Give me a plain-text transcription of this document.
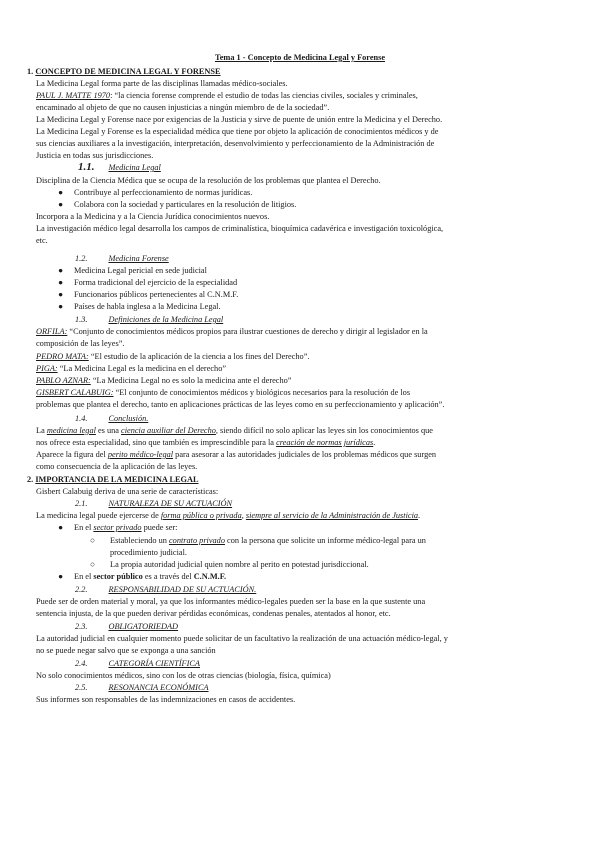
Tema 1 - Concepto de Medicina Legal y Forense
1. CONCEPTO DE MEDICINA LEGAL Y FORENSE
La Medicina Legal forma parte de las disciplinas llamadas médico-sociales.
PAUL J. MATTE 1970: “la ciencia forense comprende el estudio de todas las ciencias civiles, sociales y criminales,
encaminado al objeto de que no causen injusticias a ningún miembro de de la sociedad”.
La Medicina Legal y Forense nace por exigencias de la Justicia y sirve de puente de unión entre la Medicina y el Derecho.
La Medicina Legal y Forense es la especialidad médica que tiene por objeto la aplicación de conocimientos médicos y de
sus ciencias auxiliares a la investigación, interpretación, desenvolvimiento y perfeccionamiento de la Administración de
Justicia en todas sus jurisdicciones.
1.1. Medicina Legal
Disciplina de la Ciencia Médica que se ocupa de la resolución de los problemas que plantea el Derecho.
● Contribuye al perfeccionamiento de normas jurídicas.
● Colabora con la sociedad y particulares en la resolución de litigios.
Incorpora a la Medicina y a la Ciencia Jurídica conocimientos nuevos.
La investigación médico legal desarrolla los campos de criminalística, bioquímica cadavérica e investigación toxicológica,
etc.
1.2.	Medicina Forense
● Medicina Legal pericial en sede judicial
● Forma tradicional del ejercicio de la especialidad
● Funcionarios públicos pertenecientes al C.N.M.F.
● Países de habla inglesa a la Medicina Legal.
1.3.	Definiciones de la Medicina Legal
ORFILA: “Conjunto de conocimientos médicos propios para ilustrar cuestiones de derecho y dirigir al legislador en la
composición de las leyes”.
PEDRO MATA: “El estudio de la aplicación de la ciencia a los fines del Derecho”.
PIGA: “La Medicina Legal es la medicina en el derecho”
PABLO AZNAR: “La Medicina Legal no es solo la medicina ante el derecho”
GISBERT CALABUIG: “El conjunto de conocimientos médicos y biológicos necesarios para la resolución de los
problemas que plantea el derecho, tanto en aplicaciones prácticas de las leyes como en su perfeccionamiento y aplicación”.
1.4.	Conclusión.
La medicina legal es una ciencia auxiliar del Derecho, siendo difícil no solo aplicar las leyes sin los conocimientos que
nos ofrece esta especialidad, sino que también es imprescindible para la creación de normas jurídicas.
Aparece la figura del perito médico-legal para asesorar a las autoridades judiciales de los problemas médicos que surgen
como consecuencia de la aplicación de las leyes.
2. IMPORTANCIA DE LA MEDICINA LEGAL
Gisbert Calabuig deriva de una serie de características:
2.1.	NATURALEZA DE SU ACTUACIÓN
La medicina legal puede ejercerse de forma pública o privada, siempre al servicio de la Administración de Justicia.
● En el sector privado puede ser:
○ Estableciendo un contrato privado con la persona que solicite un informe médico-legal para un
procedimiento judicial.
○ La propia autoridad judicial quien nombre al perito en potestad jurisdiccional.
● En el sector público es a través del C.N.M.F.
2.2.	RESPONSABILIDAD DE SU ACTUACIÓN.
Puede ser de orden material y moral, ya que los informantes médico-legales pueden ser la base en la que sustente una
sentencia injusta, de la que pueden derivar pérdidas económicas, condenas penales, atentados al honor, etc.
2.3.	OBLIGATORIEDAD
La autoridad judicial en cualquier momento puede solicitar de un facultativo la realización de una actuación médico-legal, y
no se puede negar salvo que se exponga a una sanción
2.4.	CATEGORÍA CIENTÍFICA
No solo conocimientos médicos, sino con los de otras ciencias (biología, física, química)
2.5.	RESONANCIA ECONÓMICA
Sus informes son responsables de las indemnizaciones en casos de accidentes.
